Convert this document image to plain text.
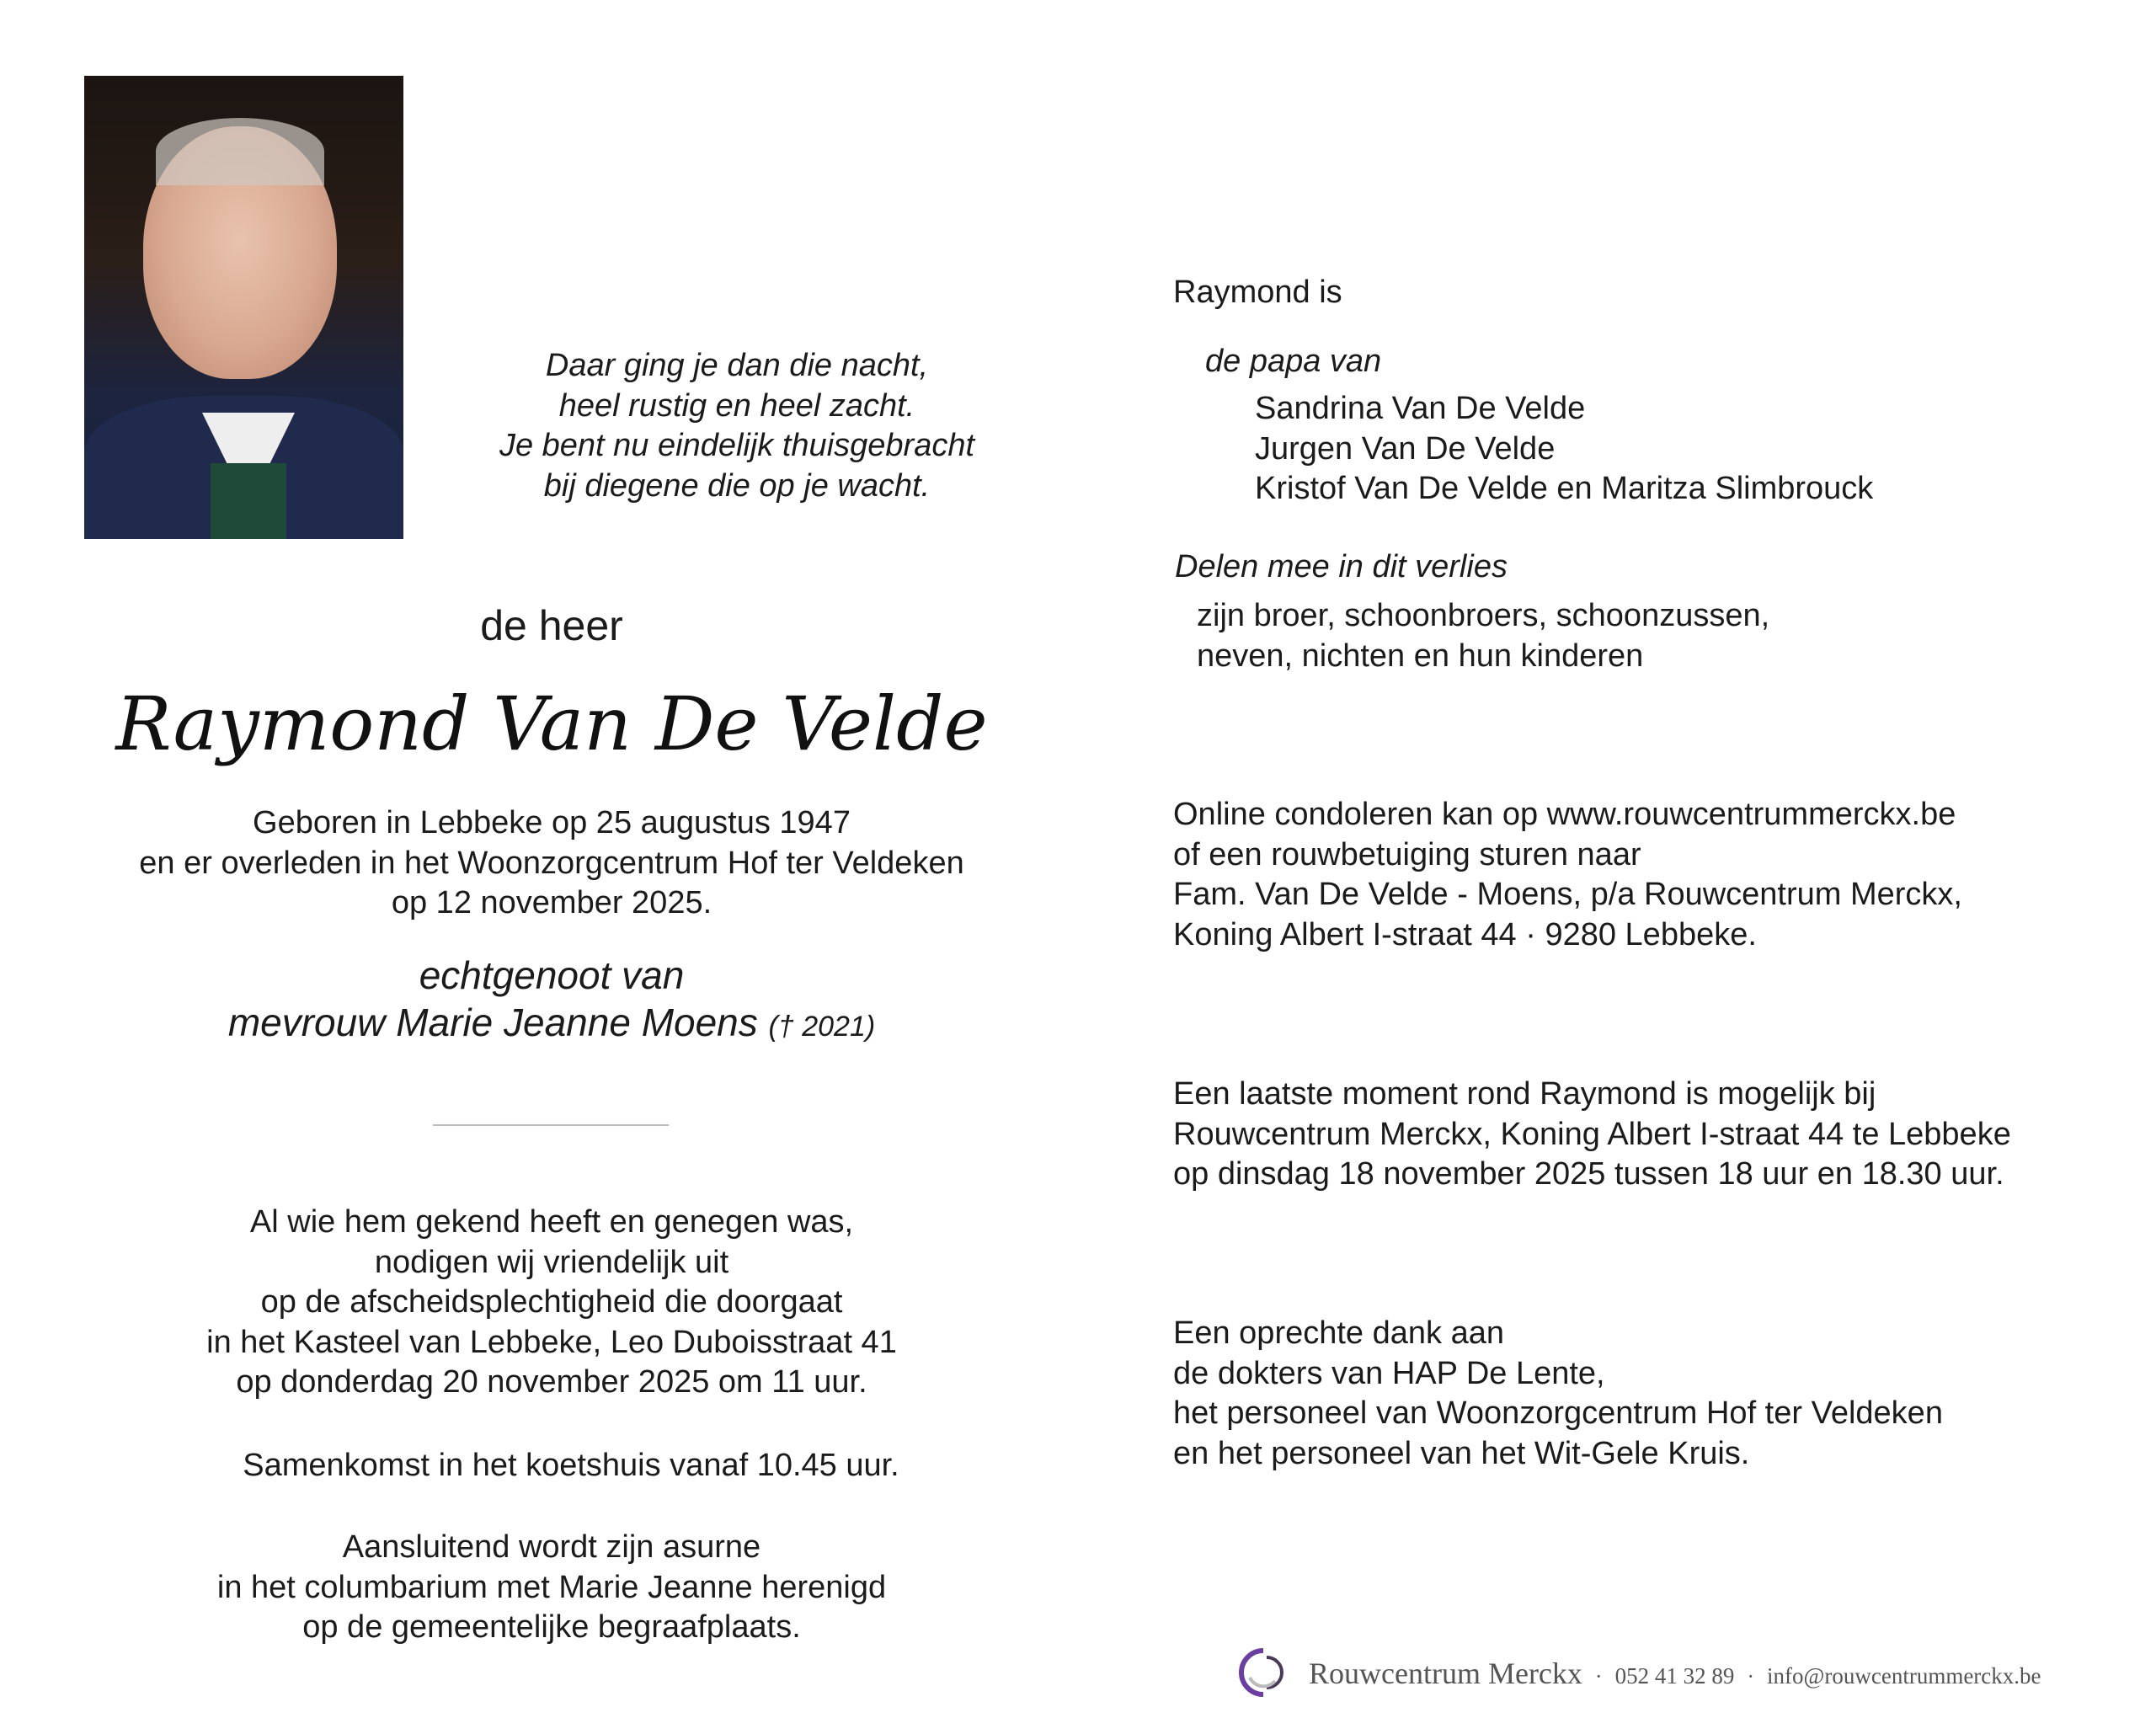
Daar ging je dan die nacht,
heel rustig en heel zacht.
Je bent nu eindelijk thuisgebracht
bij diegene die op je wacht.
de heer
Raymond Van De Velde
Geboren in Lebbeke op 25 augustus 1947
en er overleden in het Woonzorgcentrum Hof ter Veldeken
op 12 november 2025.
echtgenoot van
mevrouw Marie Jeanne Moens († 2021)
Al wie hem gekend heeft en genegen was,
nodigen wij vriendelijk uit
op de afscheidsplechtigheid die doorgaat
in het Kasteel van Lebbeke, Leo Duboisstraat 41
op donderdag 20 november 2025 om 11 uur.
Samenkomst in het koetshuis vanaf 10.45 uur.
Aansluitend wordt zijn asurne
in het columbarium met Marie Jeanne herenigd
op de gemeentelijke begraafplaats.
Raymond is
de papa van
Sandrina Van De Velde
Jurgen Van De Velde
Kristof Van De Velde en Maritza Slimbrouck
Delen mee in dit verlies
zijn broer, schoonbroers, schoonzussen,
neven, nichten en hun kinderen
Online condoleren kan op www.rouwcentrummerckx.be
of een rouwbetuiging sturen naar
Fam. Van De Velde - Moens, p/a Rouwcentrum Merckx,
Koning Albert I-straat 44 · 9280 Lebbeke.
Een laatste moment rond Raymond is mogelijk bij
Rouwcentrum Merckx, Koning Albert I-straat 44 te Lebbeke
op dinsdag 18 november 2025 tussen 18 uur en 18.30 uur.
Een oprechte dank aan
de dokters van HAP De Lente,
het personeel van Woonzorgcentrum Hof ter Veldeken
en het personeel van het Wit-Gele Kruis.
Rouwcentrum Merckx · 052 41 32 89 · info@rouwcentrummerckx.be
